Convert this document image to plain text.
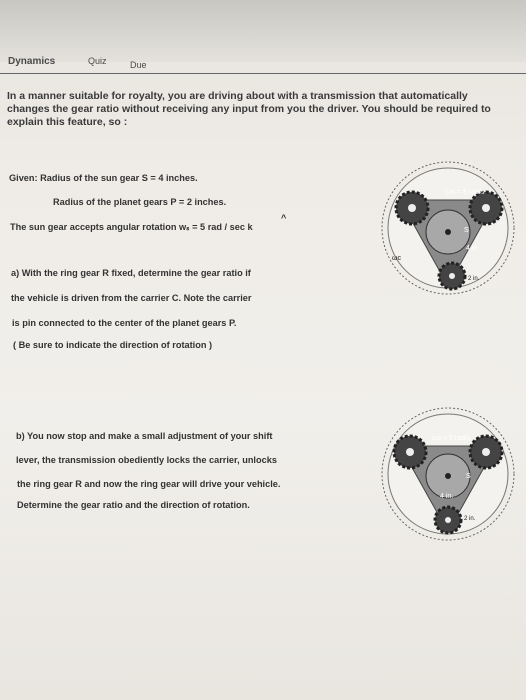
Dynamics	Quiz	Due
In a manner suitable for royalty, you are driving about with a transmission that automatically changes the gear ratio without receiving any input from you the driver. You should be required to explain this feature, so :
Given: Radius of the sun gear S = 4 inches.
Radius of the planet gears P = 2 inches.
The sun gear accepts angular rotation wₛ = 5 rad / sec k
^
a) With the ring gear R fixed, determine the gear ratio if
the vehicle is driven from the carrier C. Note the carrier
is pin connected to the center of the planet gears P.
( Be sure to indicate the direction of rotation )
b) You now stop and make a small adjustment of your shift
lever, the transmission obediently locks the carrier, unlocks
the ring gear R and now the ring gear will drive your vehicle.
Determine the gear ratio and the direction of rotation.
ωs = 5 rad/s
4 in.
2 in.
ωc
S
ωs = 5 rad/s
4 in.
2 in.
S
